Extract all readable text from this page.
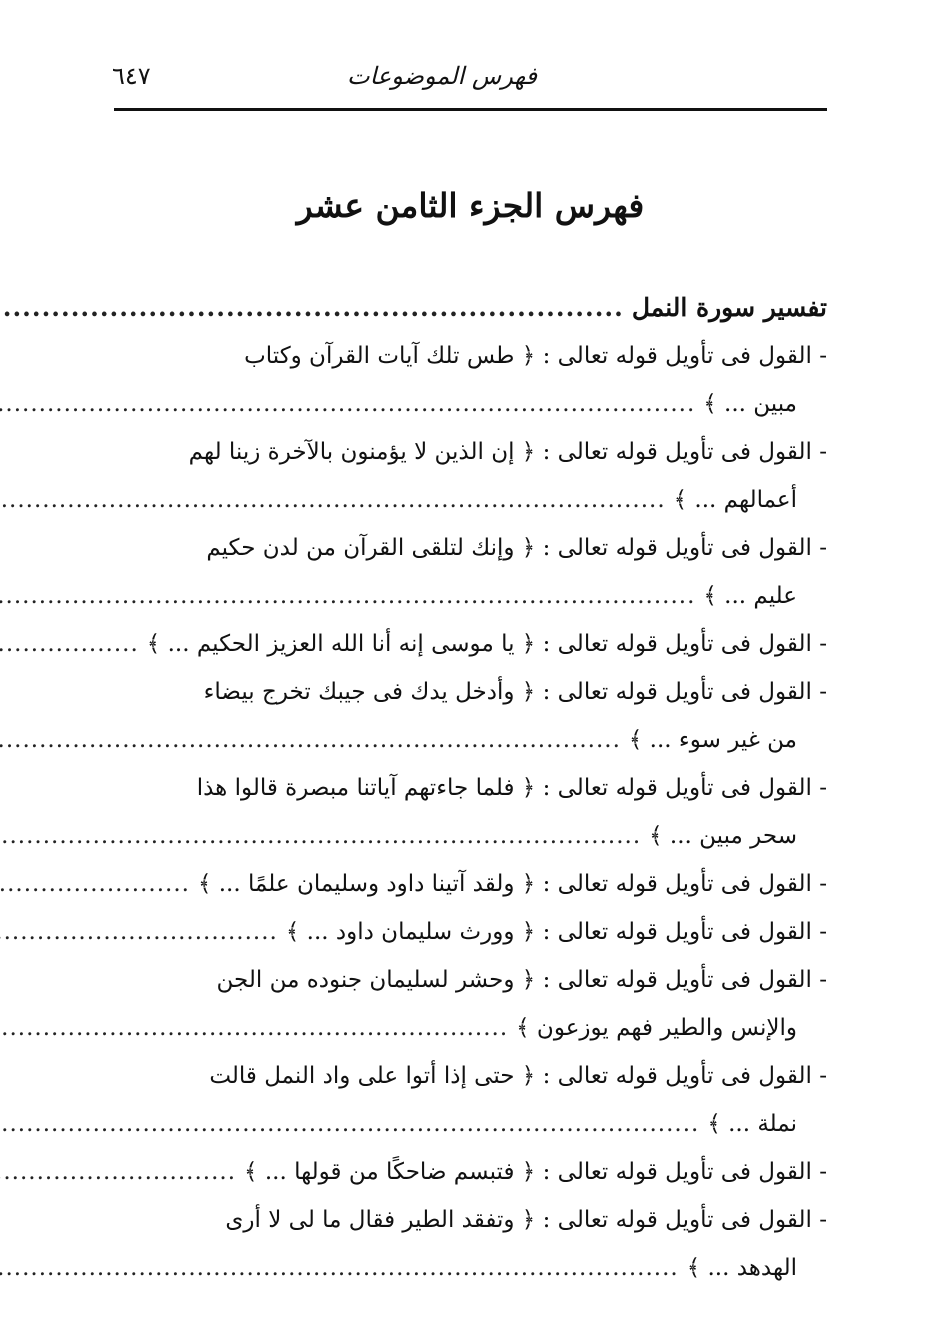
فهرس الموضوعات
٦٤٧
فهرس الجزء الثامن عشر
تفسير سورة النمل
.....
- القول فى تأويل قوله تعالى : ﴿ طس تلك آيات القرآن وكتاب
مبين ... ﴾
.....
- القول فى تأويل قوله تعالى : ﴿ إن الذين لا يؤمنون بالآخرة زينا لهم
أعمالهم ... ﴾
.....
- القول فى تأويل قوله تعالى : ﴿ وإنك لتلقى القرآن من لدن حكيم
عليم ... ﴾
.....
- القول فى تأويل قوله تعالى : ﴿ يا موسى إنه أنا الله العزيز الحكيم ... ﴾
.....
- القول فى تأويل قوله تعالى : ﴿ وأدخل يدك فى جيبك تخرج بيضاء
من غير سوء ... ﴾
.....
- القول فى تأويل قوله تعالى : ﴿ فلما جاءتهم آياتنا مبصرة قالوا هذا
سحر مبين ... ﴾
.....
- القول فى تأويل قوله تعالى : ﴿ ولقد آتينا داود وسليمان علمًا ... ﴾
.....
- القول فى تأويل قوله تعالى : ﴿ وورث سليمان داود ... ﴾
.....
- القول فى تأويل قوله تعالى : ﴿ وحشر لسليمان جنوده من الجن
والإنس والطير فهم يوزعون ﴾
.....
- القول فى تأويل قوله تعالى : ﴿ حتى إذا أتوا على واد النمل قالت
نملة ... ﴾
.....
- القول فى تأويل قوله تعالى : ﴿ فتبسم ضاحكًا من قولها ... ﴾
.....
- القول فى تأويل قوله تعالى : ﴿ وتفقد الطير فقال ما لى لا أرى
الهدهد ... ﴾
.....
